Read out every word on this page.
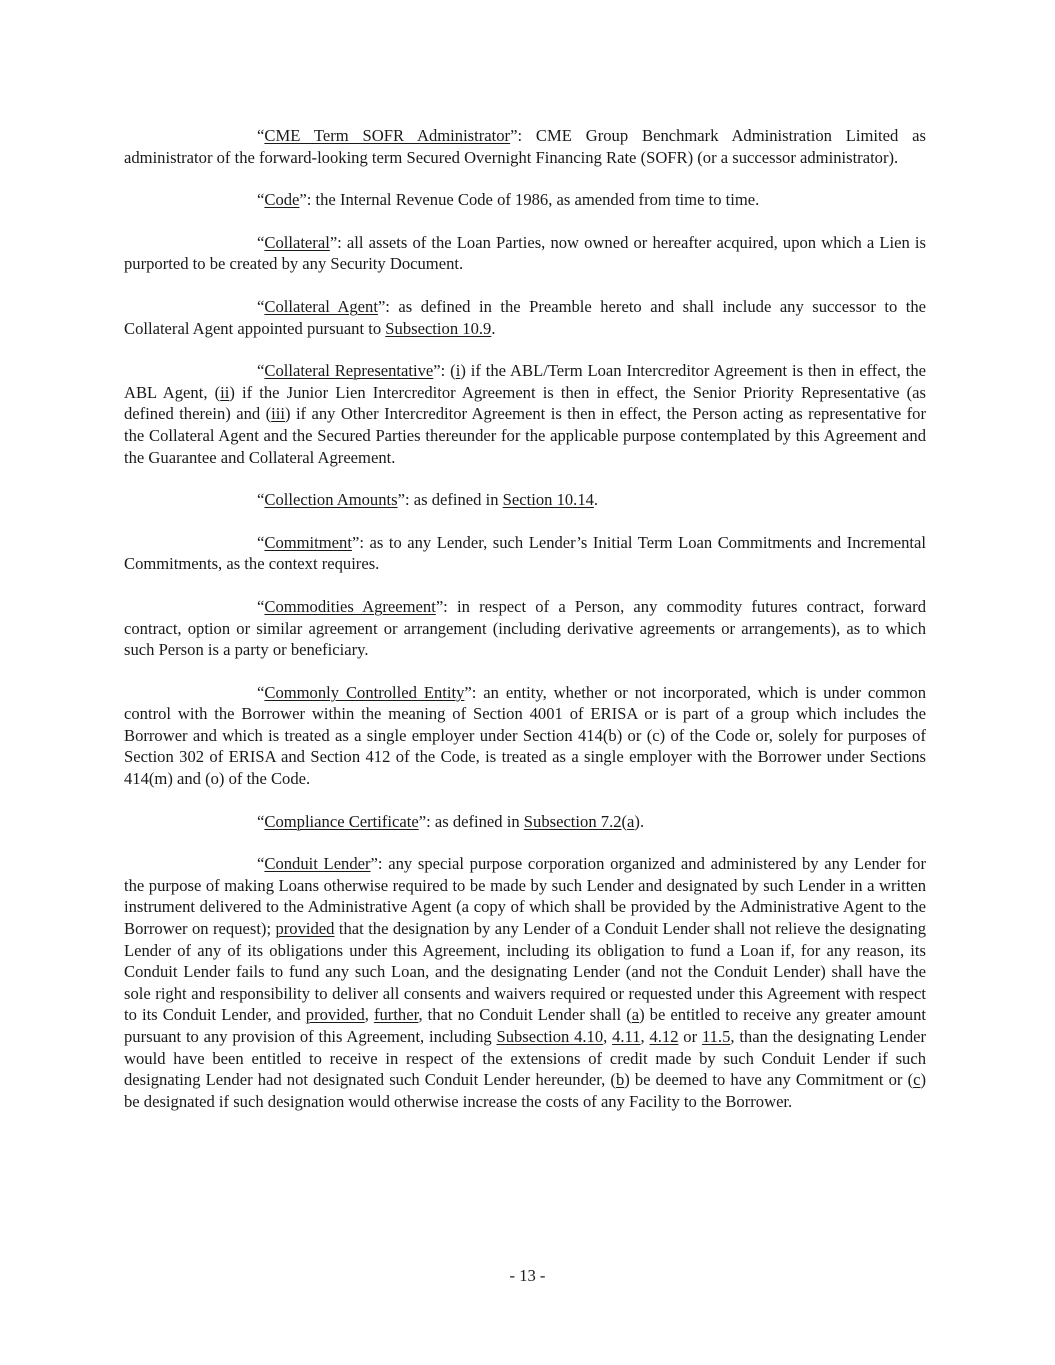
“CME Term SOFR Administrator”: CME Group Benchmark Administration Limited as administrator of the forward-looking term Secured Overnight Financing Rate (SOFR) (or a successor administrator).

“Code”: the Internal Revenue Code of 1986, as amended from time to time.

“Collateral”: all assets of the Loan Parties, now owned or hereafter acquired, upon which a Lien is purported to be created by any Security Document.

“Collateral Agent”: as defined in the Preamble hereto and shall include any successor to the Collateral Agent appointed pursuant to Subsection 10.9.

“Collateral Representative”: (i) if the ABL/Term Loan Intercreditor Agreement is then in effect, the ABL Agent, (ii) if the Junior Lien Intercreditor Agreement is then in effect, the Senior Priority Representative (as defined therein) and (iii) if any Other Intercreditor Agreement is then in effect, the Person acting as representative for the Collateral Agent and the Secured Parties thereunder for the applicable purpose contemplated by this Agreement and the Guarantee and Collateral Agreement.

“Collection Amounts”: as defined in Section 10.14.

“Commitment”: as to any Lender, such Lender’s Initial Term Loan Commitments and Incremental Commitments, as the context requires.

“Commodities Agreement”: in respect of a Person, any commodity futures contract, forward contract, option or similar agreement or arrangement (including derivative agreements or arrangements), as to which such Person is a party or beneficiary.

“Commonly Controlled Entity”: an entity, whether or not incorporated, which is under common control with the Borrower within the meaning of Section 4001 of ERISA or is part of a group which includes the Borrower and which is treated as a single employer under Section 414(b) or (c) of the Code or, solely for purposes of Section 302 of ERISA and Section 412 of the Code, is treated as a single employer with the Borrower under Sections 414(m) and (o) of the Code.

“Compliance Certificate”: as defined in Subsection 7.2(a).

“Conduit Lender”: any special purpose corporation organized and administered by any Lender for the purpose of making Loans otherwise required to be made by such Lender and designated by such Lender in a written instrument delivered to the Administrative Agent (a copy of which shall be provided by the Administrative Agent to the Borrower on request); provided that the designation by any Lender of a Conduit Lender shall not relieve the designating Lender of any of its obligations under this Agreement, including its obligation to fund a Loan if, for any reason, its Conduit Lender fails to fund any such Loan, and the designating Lender (and not the Conduit Lender) shall have the sole right and responsibility to deliver all consents and waivers required or requested under this Agreement with respect to its Conduit Lender, and provided, further, that no Conduit Lender shall (a) be entitled to receive any greater amount pursuant to any provision of this Agreement, including Subsection 4.10, 4.11, 4.12 or 11.5, than the designating Lender would have been entitled to receive in respect of the extensions of credit made by such Conduit Lender if such designating Lender had not designated such Conduit Lender hereunder, (b) be deemed to have any Commitment or (c) be designated if such designation would otherwise increase the costs of any Facility to the Borrower.

- 13 -
